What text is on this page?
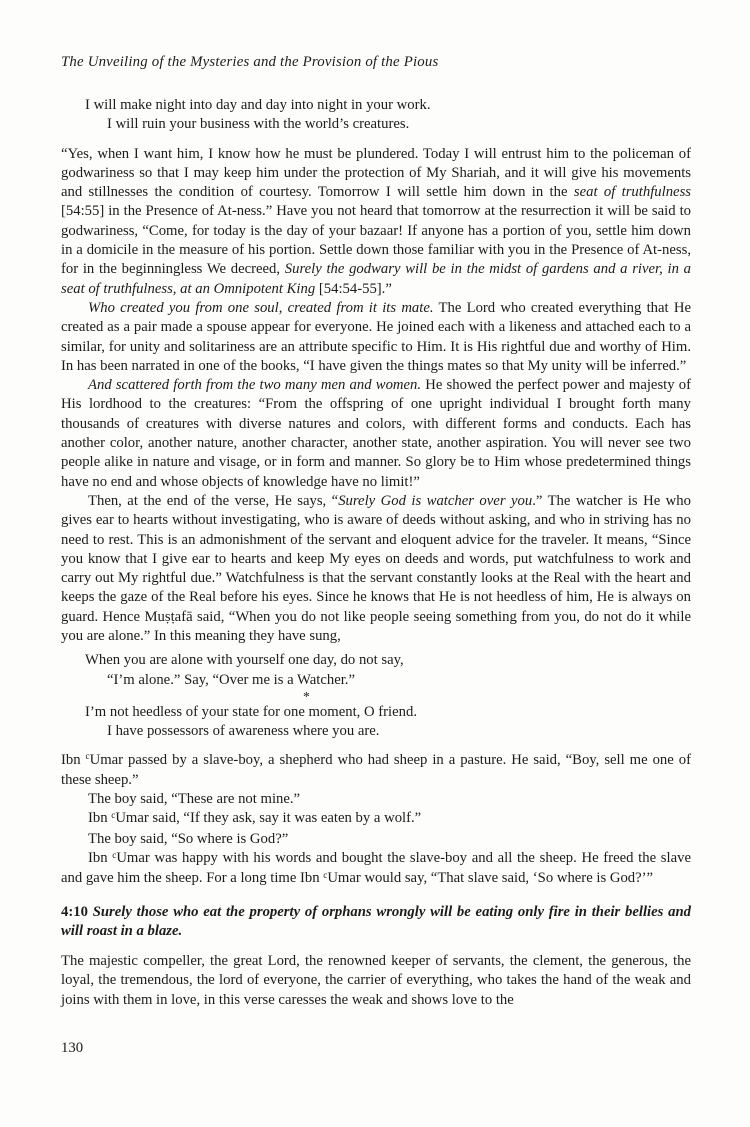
The Unveiling of the Mysteries and the Provision of the Pious
I will make night into day and day into night in your work.
I will ruin your business with the world’s creatures.

“Yes, when I want him, I know how he must be plundered. Today I will entrust him to the policeman of godwariness so that I may keep him under the protection of My Shariah, and it will give his movements and stillnesses the condition of courtesy. Tomorrow I will settle him down in the seat of truthfulness [54:55] in the Presence of At-ness.” Have you not heard that tomorrow at the resurrection it will be said to godwariness, “Come, for today is the day of your bazaar! If anyone has a portion of you, settle him down in a domicile in the measure of his portion. Settle down those familiar with you in the Presence of At-ness, for in the beginningless We decreed, Surely the godwary will be in the midst of gardens and a river, in a seat of truthfulness, at an Omnipotent King [54:54-55].”

Who created you from one soul, created from it its mate. The Lord who created everything that He created as a pair made a spouse appear for everyone. He joined each with a likeness and attached each to a similar, for unity and solitariness are an attribute specific to Him. It is His rightful due and worthy of Him. In has been narrated in one of the books, “I have given the things mates so that My unity will be inferred.”

And scattered forth from the two many men and women. He showed the perfect power and majesty of His lordhood to the creatures: “From the offspring of one upright individual I brought forth many thousands of creatures with diverse natures and colors, with different forms and conducts. Each has another color, another nature, another character, another state, another aspiration. You will never see two people alike in nature and visage, or in form and manner. So glory be to Him whose predetermined things have no end and whose objects of knowledge have no limit!”

Then, at the end of the verse, He says, “Surely God is watcher over you.” The watcher is He who gives ear to hearts without investigating, who is aware of deeds without asking, and who in striving has no need to rest. This is an admonishment of the servant and eloquent advice for the traveler. It means, “Since you know that I give ear to hearts and keep My eyes on deeds and words, put watchfulness to work and carry out My rightful due.” Watchfulness is that the servant constantly looks at the Real with the heart and keeps the gaze of the Real before his eyes. Since he knows that He is not heedless of him, He is always on guard. Hence Muṣṭafā said, “When you do not like people seeing something from you, do not do it while you are alone.” In this meaning they have sung,

When you are alone with yourself one day, do not say,
“I’m alone.” Say, “Over me is a Watcher.”
*
I’m not heedless of your state for one moment, O friend.
I have possessors of awareness where you are.

Ibn $^c$Umar passed by a slave-boy, a shepherd who had sheep in a pasture. He said, “Boy, sell me one of these sheep.”

The boy said, “These are not mine.”

Ibn $^c$Umar said, “If they ask, say it was eaten by a wolf.”

The boy said, “So where is God?”

Ibn $^c$Umar was happy with his words and bought the slave-boy and all the sheep. He freed the slave and gave him the sheep. For a long time Ibn $^c$Umar would say, “That slave said, ‘So where is God?’”

4:10 Surely those who eat the property of orphans wrongly will be eating only fire in their bellies and will roast in a blaze.

The majestic compeller, the great Lord, the renowned keeper of servants, the clement, the generous, the loyal, the tremendous, the lord of everyone, the carrier of everything, who takes the hand of the weak and joins with them in love, in this verse caresses the weak and shows love to the

130
